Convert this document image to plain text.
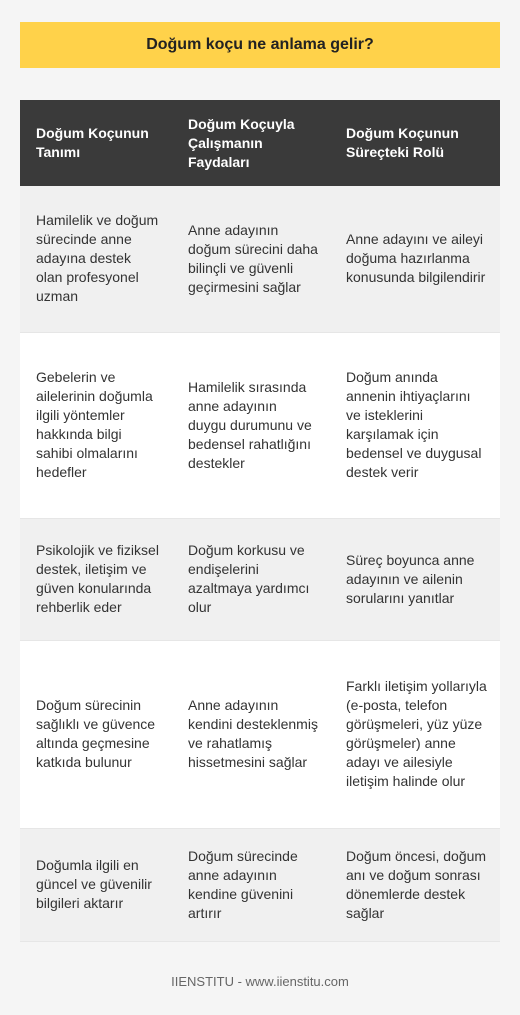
Doğum koçu ne anlama gelir?
Doğum Koçunun Tanımı	Doğum Koçuyla Çalışmanın Faydaları	Doğum Koçunun Süreçteki Rolü
Hamilelik ve doğum sürecinde anne adayına destek olan profesyonel uzman	Anne adayının doğum sürecini daha bilinçli ve güvenli geçirmesini sağlar	Anne adayını ve aileyi doğuma hazırlanma konusunda bilgilendirir
Gebelerin ve ailelerinin doğumla ilgili yöntemler hakkında bilgi sahibi olmalarını hedefler	Hamilelik sırasında anne adayının duygu durumunu ve bedensel rahatlığını destekler	Doğum anında annenin ihtiyaçlarını ve isteklerini karşılamak için bedensel ve duygusal destek verir
Psikolojik ve fiziksel destek, iletişim ve güven konularında rehberlik eder	Doğum korkusu ve endişelerini azaltmaya yardımcı olur	Süreç boyunca anne adayının ve ailenin sorularını yanıtlar
Doğum sürecinin sağlıklı ve güvence altında geçmesine katkıda bulunur	Anne adayının kendini desteklenmiş ve rahatlamış hissetmesini sağlar	Farklı iletişim yollarıyla (e-posta, telefon görüşmeleri, yüz yüze görüşmeler) anne adayı ve ailesiyle iletişim halinde olur
Doğumla ilgili en güncel ve güvenilir bilgileri aktarır	Doğum sürecinde anne adayının kendine güvenini artırır	Doğum öncesi, doğum anı ve doğum sonrası dönemlerde destek sağlar
IIENSTITU - www.iienstitu.com
